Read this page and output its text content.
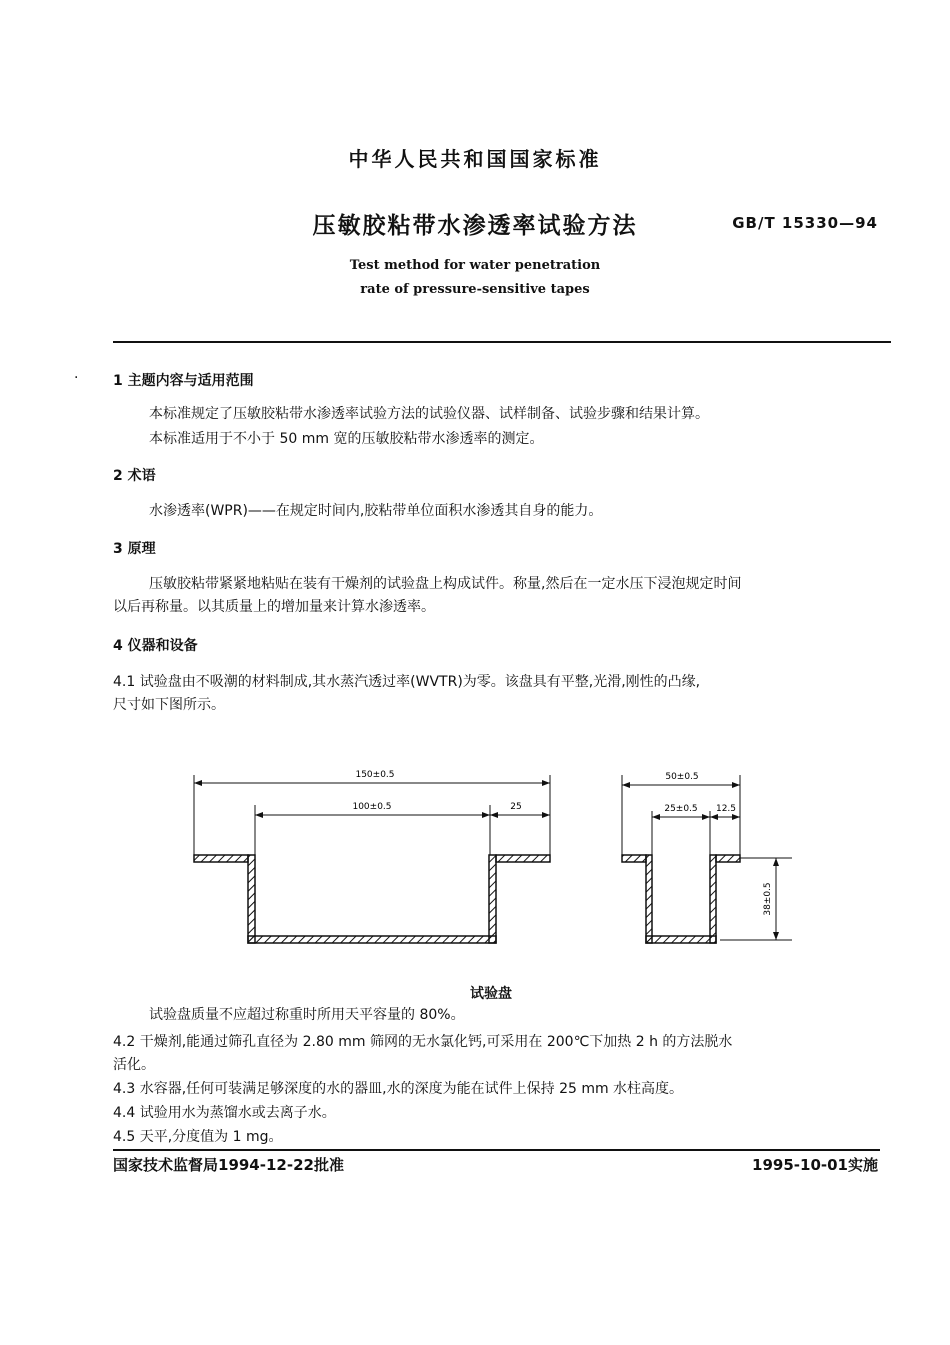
中华人民共和国国家标准
压敏胶粘带水渗透率试验方法	GB/T 15330—94
Test method for water penetration
rate of pressure-sensitive tapes
· 1 主题内容与适用范围
本标准规定了压敏胶粘带水渗透率试验方法的试验仪器、试样制备、试验步骤和结果计算。
本标准适用于不小于 50 mm 宽的压敏胶粘带水渗透率的测定。
2 术语
水渗透率(WPR)——在规定时间内,胶粘带单位面积水渗透其自身的能力。
3 原理
压敏胶粘带紧紧地粘贴在装有干燥剂的试验盘上构成试件。称量,然后在一定水压下浸泡规定时间
以后再称量。以其质量上的增加量来计算水渗透率。
4 仪器和设备
4.1 试验盘由不吸潮的材料制成,其水蒸汽透过率(WVTR)为零。该盘具有平整,光滑,刚性的凸缘,
尺寸如下图所示。
150±0.5
100±0.5	25
50±0.5
25±0.5 12.5
38±0.5
试验盘
试验盘质量不应超过称重时所用天平容量的 80%。
4.2 干燥剂,能通过筛孔直径为 2.80 mm 筛网的无水氯化钙,可采用在 200℃下加热 2 h 的方法脱水
活化。
4.3 水容器,任何可装满足够深度的水的器皿,水的深度为能在试件上保持 25 mm 水柱高度。
4.4 试验用水为蒸馏水或去离子水。
4.5 天平,分度值为 1 mg。
国家技术监督局1994-12-22批准	1995-10-01实施
